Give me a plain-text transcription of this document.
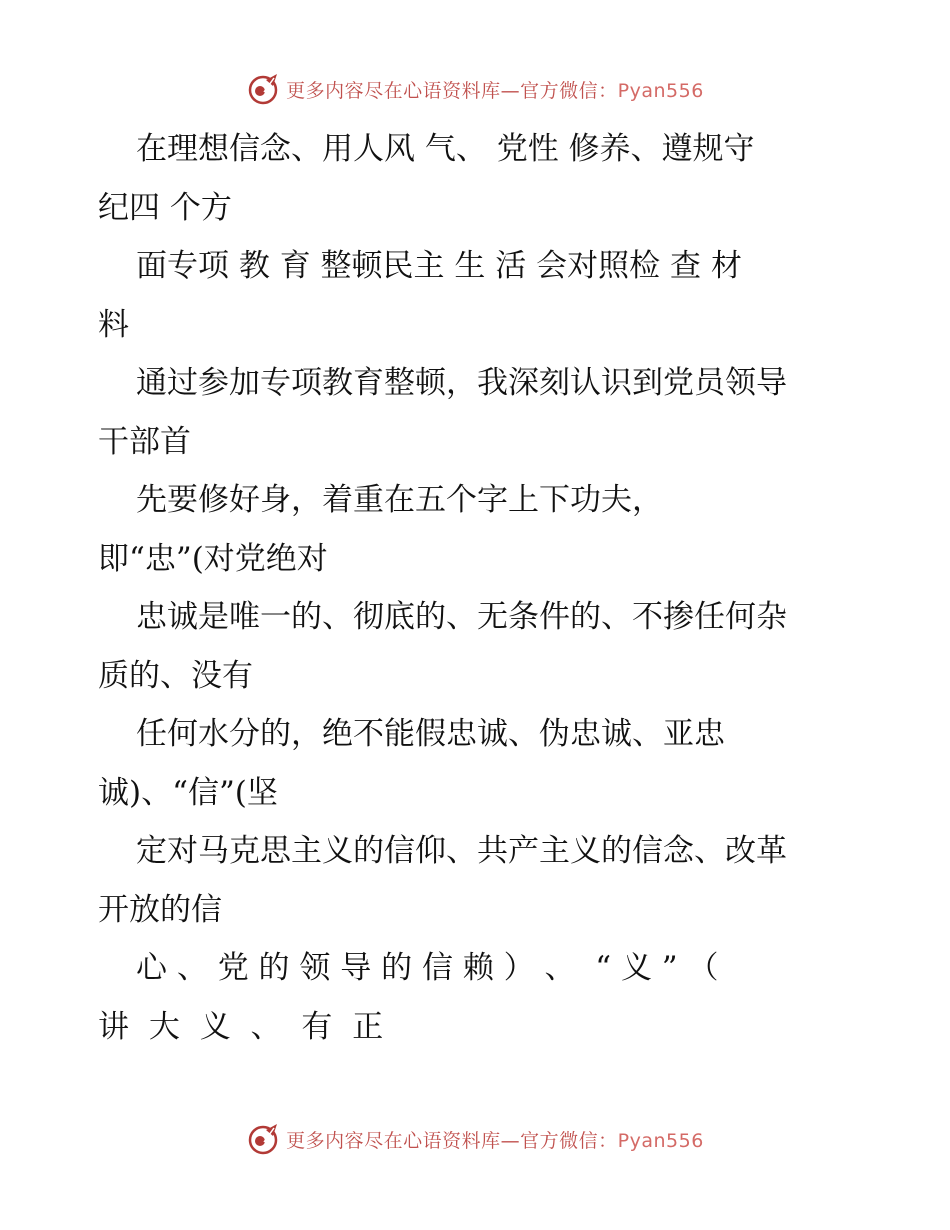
更多内容尽在心语资料库—官方微信：Pyan556
在理想信念、用人风 气、 党性 修养、遵规守
纪四 个方
面专项 教 育 整顿民主 生 活 会对照检 查 材
料
通过参加专项教育整顿，我深刻认识到党员领导
干部首
先要修好身，着重在五个字上下功夫，
即“忠”(对党绝对
忠诚是唯一的、彻底的、无条件的、不掺任何杂
质的、没有
任何水分的，绝不能假忠诚、伪忠诚、亚忠
诚)、“信”(坚
定对马克思主义的信仰、共产主义的信念、改革
开放的信
心 、 党 的 领 导 的 信 赖 ） 、  “ 义 ” （
讲 大 义 、 有 正
更多内容尽在心语资料库—官方微信：Pyan556
